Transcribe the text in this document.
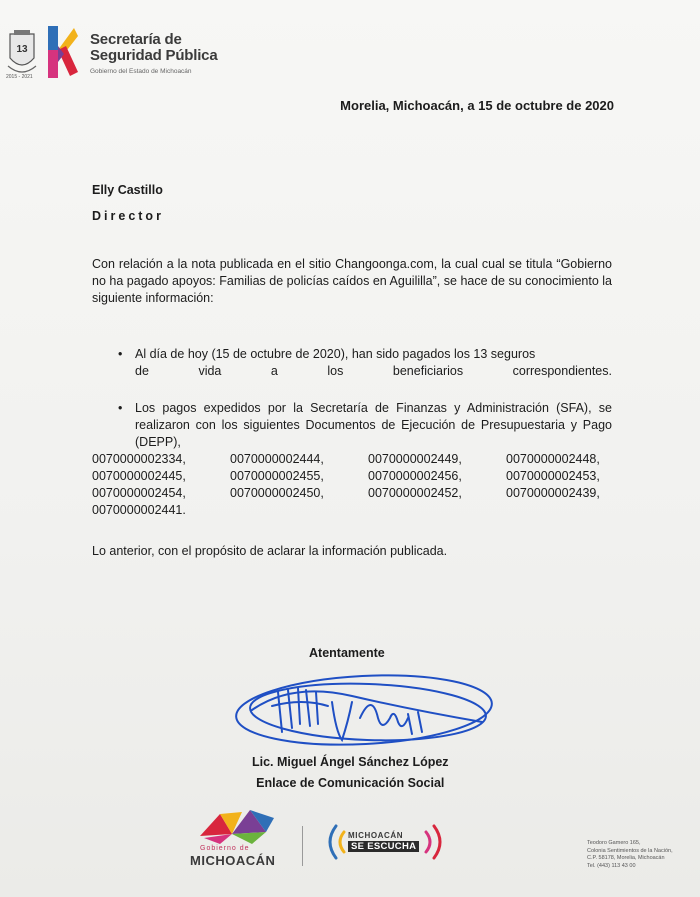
13
2015 - 2021
Secretaría de
Seguridad Pública
Gobierno del Estado de Michoacán
Morelia, Michoacán, a 15 de octubre de 2020
Elly Castillo
Director
Con relación a la nota publicada en el sitio Changoonga.com, la cual cual se titula “Gobierno no ha pagado apoyos: Familias de policías caídos en Aguililla”, se hace de su conocimiento la siguiente información:
• Al día de hoy (15 de octubre de 2020), han sido pagados los 13 seguros
de vida a los beneficiarios correspondientes.
• Los pagos expedidos por la Secretaría de Finanzas y Administración (SFA), se realizaron con los siguientes Documentos de Ejecución de Presupuestaria y Pago (DEPP),
0070000002334,	0070000002444,	0070000002449,	0070000002448,
0070000002445,	0070000002455,	0070000002456,	0070000002453,
0070000002454,	0070000002450,	0070000002452,	0070000002439,
0070000002441.
Lo anterior, con el propósito de aclarar la información publicada.
Atentamente
Lic. Miguel Ángel Sánchez López
Enlace de Comunicación Social
Gobierno de
MICHOACÁN
MICHOACÁN
SE ESCUCHA	Teodoro Gamero 165,
Colonia Sentimientos de la Nación,
C.P. 58178, Morelia, Michoacán
Tel. (443) 113 43 00
